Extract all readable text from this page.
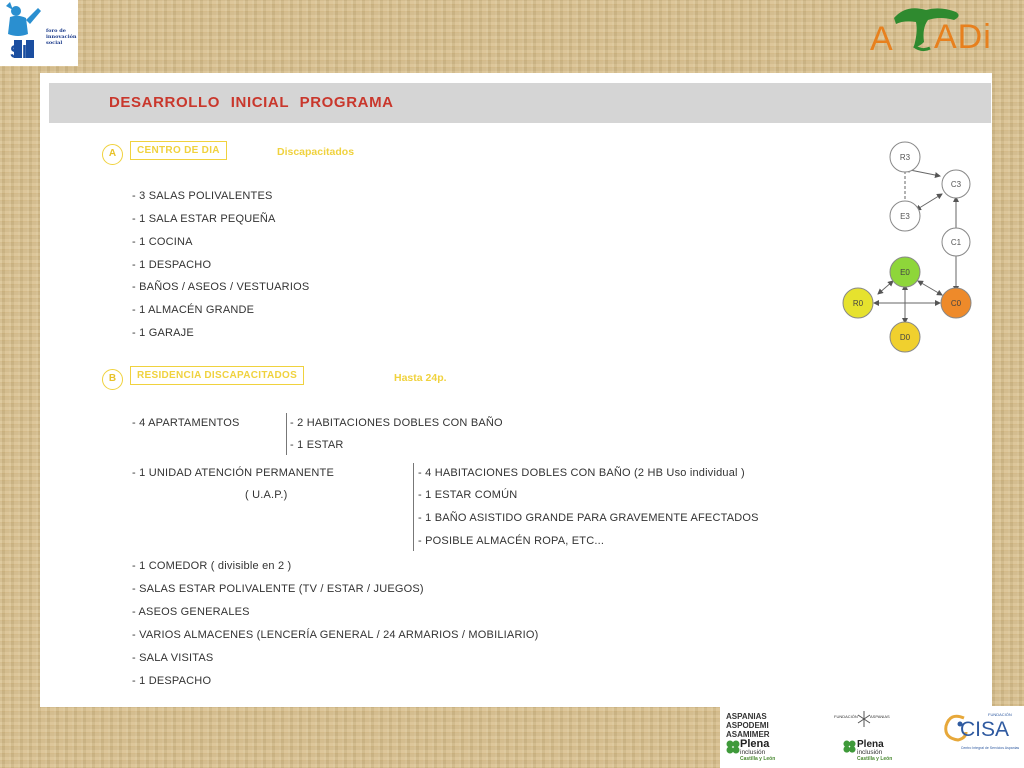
SI
foro de
innovación
social	A ADi
DESARROLLO INICIAL PROGRAMA
A	CENTRO DE DIA	Discapacitados
- 3 SALAS POLIVALENTES
- 1 SALA ESTAR PEQUEÑA
- 1 COCINA
- 1 DESPACHO
- BAÑOS / ASEOS / VESTUARIOS
- 1 ALMACÉN GRANDE
- 1 GARAJE
B	RESIDENCIA DISCAPACITADOS	Hasta 24p.
- 4 APARTAMENTOS	- 2 HABITACIONES DOBLES CON BAÑO
- 1 ESTAR
- 1 UNIDAD ATENCIÓN PERMANENTE
( U.A.P.)
- 4 HABITACIONES DOBLES CON BAÑO (2 HB Uso individual )
- 1 ESTAR COMÚN
- 1 BAÑO ASISTIDO GRANDE PARA GRAVEMENTE AFECTADOS
- POSIBLE ALMACÉN ROPA, ETC...
- 1 COMEDOR ( divisible en 2 )
- SALAS ESTAR POLIVALENTE (TV / ESTAR / JUEGOS)
- ASEOS GENERALES
- VARIOS ALMACENES (LENCERÍA GENERAL / 24 ARMARIOS / MOBILIARIO)
- SALA VISITAS
- 1 DESPACHO
R3
C3
E3
C1
E0
R0	C0
D0
ASPANIAS
ASPODEMI
ASAMIMER
Plena
inclusión
Castilla y León
FUNDACIÓN	ASPANIAS
Plena
inclusión
Castilla y León
FUNDACIÓN
CISA
Centro Integral de Servicios Aspanias
